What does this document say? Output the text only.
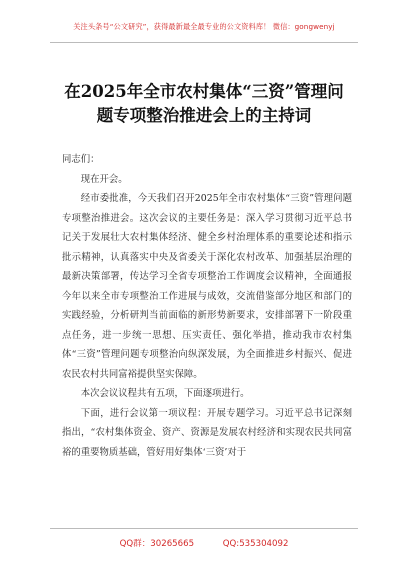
关注头条号“公文研究”，获得最新最全最专业的公文资料库！ 微信：gongwenyj
在2025年全市农村集体“三资”管理问
题专项整治推进会上的主持词

同志们：

现在开会。

经市委批准，今天我们召开2025年全市农村集体“三资”管理问题专项整治推进会。这次会议的主要任务是：深入学习贯彻习近平总书记关于发展壮大农村集体经济、健全乡村治理体系的重要论述和指示批示精神，认真落实中央及省委关于深化农村改革、加强基层治理的最新决策部署，传达学习全省专项整治工作调度会议精神，全面通报今年以来全市专项整治工作进展与成效，交流借鉴部分地区和部门的实践经验，分析研判当前面临的新形势新要求，安排部署下一阶段重点任务，进一步统一思想、压实责任、强化举措，推动我市农村集体“三资”管理问题专项整治向纵深发展，为全面推进乡村振兴、促进农民农村共同富裕提供坚实保障。

本次会议议程共有五项，下面逐项进行。

下面，进行会议第一项议程：开展专题学习。习近平总书记深刻指出，“农村集体资金、资产、资源是发展农村经济和实现农民共同富裕的重要物质基础，管好用好集体‘三资’对于

QQ群：30265665	QQ:535304092
